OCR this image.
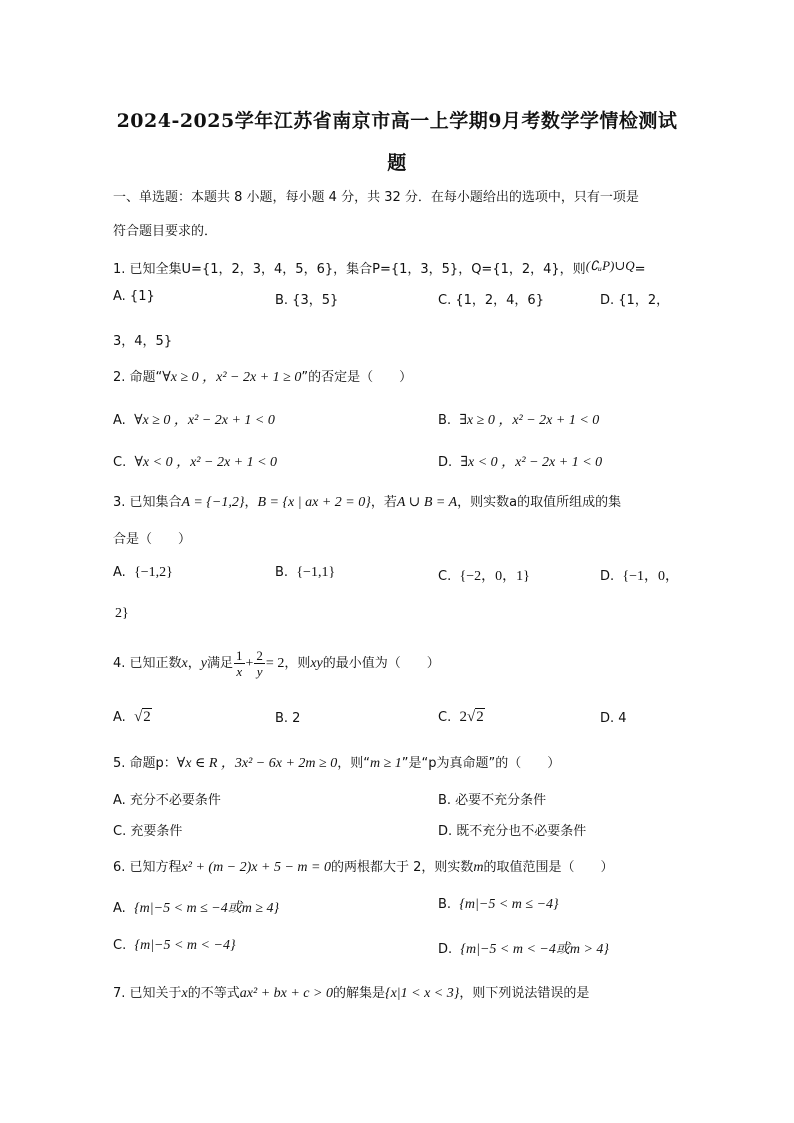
2024-2025学年江苏省南京市高一上学期9月考数学学情检测试
题
一、单选题：本题共 8 小题，每小题 4 分，共 32 分．在每小题给出的选项中，只有一项是
符合题目要求的．
1. 已知全集U={1，2，3，4，5，6}，集合P={1，3，5}，Q={1，2，4}，则(∁ᵤP)∪Q=
A. {1}	B. {3，5}	C. {1，2，4，6}	D. {1，2，
3，4，5}
2. 命题“∀x ≥ 0 ，x² − 2x + 1 ≥ 0”的否定是（　　）
A. ∀x ≥ 0 ，x² − 2x + 1 < 0	B. ∃x ≥ 0 ，x² − 2x + 1 < 0
C. ∀x < 0 ，x² − 2x + 1 < 0	D. ∃x < 0 ，x² − 2x + 1 < 0
3. 已知集合A = {−1,2}，B = {x | ax + 2 = 0}，若A ∪ B = A，则实数a的取值所组成的集
合是（　　）
A. {−1,2}	B. {−1,1}	C. {−2，0，1}	D. {−1，0，
2}
4. 已知正数x，y满足 $\frac{1}{x} + \frac{2}{y} = 2$，则xy的最小值为（　　）
A. √2	B. 2	C. 2√2	D. 4
5. 命题p：∀x ∈ R ，3x² − 6x + 2m ≥ 0，则“m ≥ 1”是“p为真命题”的（　　）
A. 充分不必要条件	B. 必要不充分条件
C. 充要条件	D. 既不充分也不必要条件
6. 已知方程x² + (m − 2)x + 5 − m = 0的两根都大于 2，则实数m的取值范围是（　　）
A. {m|−5 < m ≤ −4或m ≥ 4}	B. {m|−5 < m ≤ −4}
C. {m|−5 < m < −4}	D. {m|−5 < m < −4或m > 4}
7. 已知关于x的不等式ax² + bx + c > 0的解集是{x|1 < x < 3}，则下列说法错误的是
